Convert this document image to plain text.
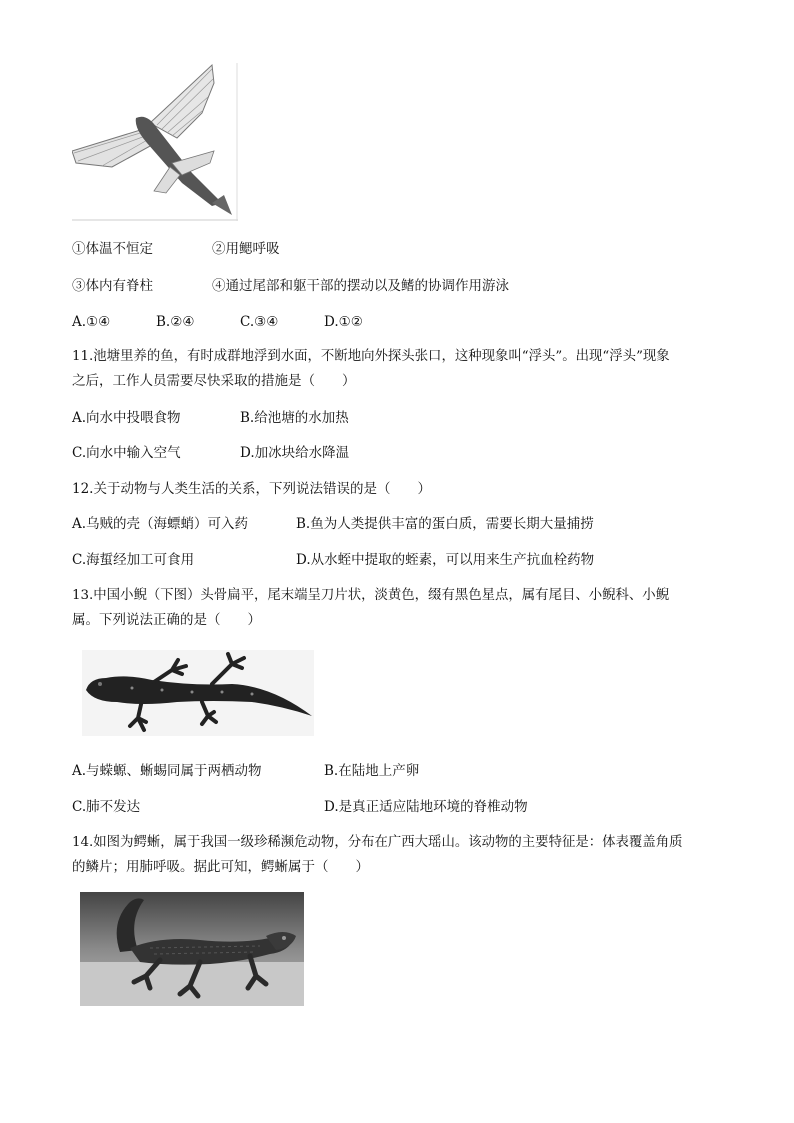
①体温不恒定	②用鳃呼吸
③体内有脊柱	④通过尾部和躯干部的摆动以及鳍的协调作用游泳
A.①④	B.②④	C.③④	D.①②
11.池塘里养的鱼，有时成群地浮到水面，不断地向外探头张口，这种现象叫“浮头”。出现“浮头”现象
之后，工作人员需要尽快采取的措施是（　　）
A.向水中投喂食物	B.给池塘的水加热
C.向水中输入空气	D.加冰块给水降温
12.关于动物与人类生活的关系，下列说法错误的是（　　）
A.乌贼的壳（海螵蛸）可入药	B.鱼为人类提供丰富的蛋白质，需要长期大量捕捞
C.海蜇经加工可食用	D.从水蛭中提取的蛭素，可以用来生产抗血栓药物
13.中国小鲵（下图）头骨扁平，尾末端呈刀片状，淡黄色，缀有黑色星点，属有尾目、小鲵科、小鲵
属。下列说法正确的是（　　）
A.与蝾螈、蜥蜴同属于两栖动物	B.在陆地上产卵
C.肺不发达	D.是真正适应陆地环境的脊椎动物
14.如图为鳄蜥，属于我国一级珍稀濒危动物，分布在广西大瑶山。该动物的主要特征是：体表覆盖角质
的鳞片；用肺呼吸。据此可知，鳄蜥属于（　　）
